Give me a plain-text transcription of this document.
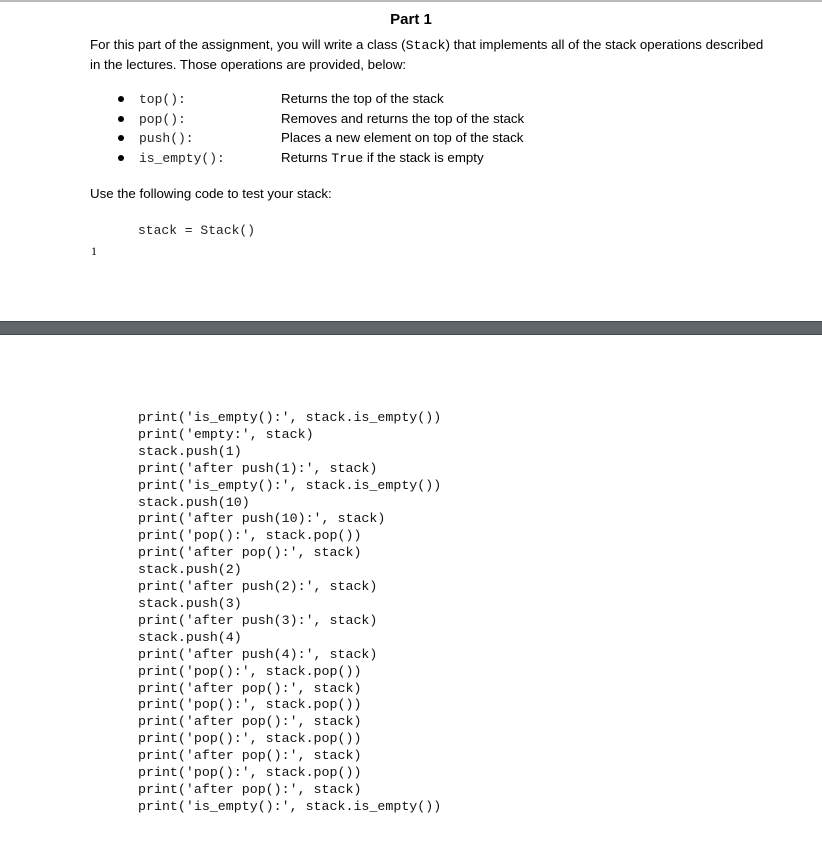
Part 1
For this part of the assignment, you will write a class (Stack) that implements all of the stack operations described in the lectures. Those operations are provided, below:
top():	Returns the top of the stack
pop():	Removes and returns the top of the stack
push():	Places a new element on top of the stack
is_empty():	Returns True if the stack is empty
Use the following code to test your stack:
stack = Stack()
1
print('is_empty():', stack.is_empty())
print('empty:', stack)
stack.push(1)
print('after push(1):', stack)
print('is_empty():', stack.is_empty())
stack.push(10)
print('after push(10):', stack)
print('pop():', stack.pop())
print('after pop():', stack)
stack.push(2)
print('after push(2):', stack)
stack.push(3)
print('after push(3):', stack)
stack.push(4)
print('after push(4):', stack)
print('pop():', stack.pop())
print('after pop():', stack)
print('pop():', stack.pop())
print('after pop():', stack)
print('pop():', stack.pop())
print('after pop():', stack)
print('pop():', stack.pop())
print('after pop():', stack)
print('is_empty():', stack.is_empty())
